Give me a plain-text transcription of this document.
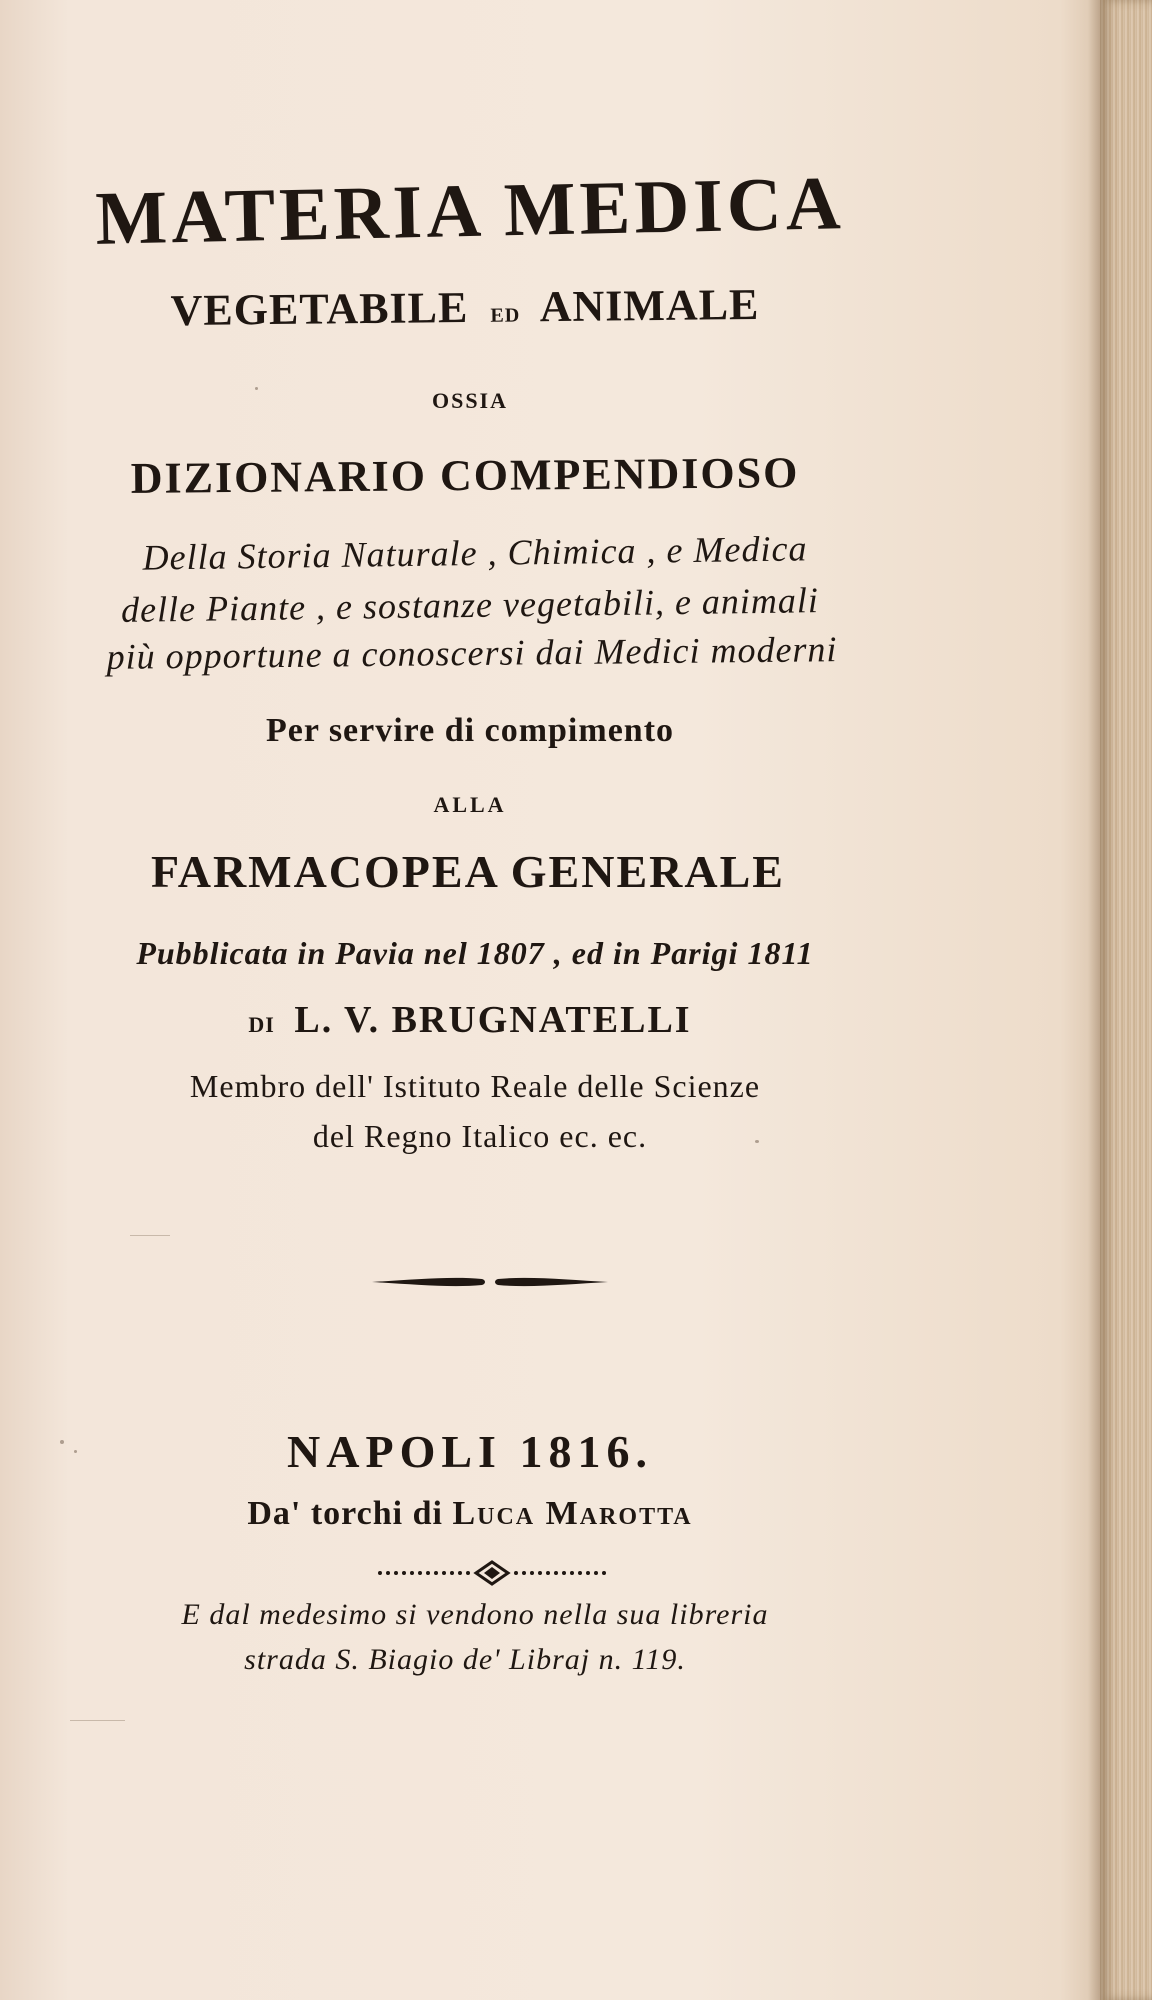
MATERIA MEDICA
VEGETABILE ED ANIMALE
OSSIA
DIZIONARIO COMPENDIOSO
Della Storia Naturale , Chimica , e Medica
delle Piante , e sostanze vegetabili, e animali
più opportune a conoscersi dai Medici moderni
Per servire di compimento
ALLA
FARMACOPEA GENERALE
Pubblicata in Pavia nel 1807 , ed in Parigi 1811
DI L. V. BRUGNATELLI
Membro dell' Istituto Reale delle Scienze
del Regno Italico ec. ec.
NAPOLI 1816.
Da' torchi di Luca Marotta
E dal medesimo si vendono nella sua libreria
strada S. Biagio de' Libraj n. 119.
